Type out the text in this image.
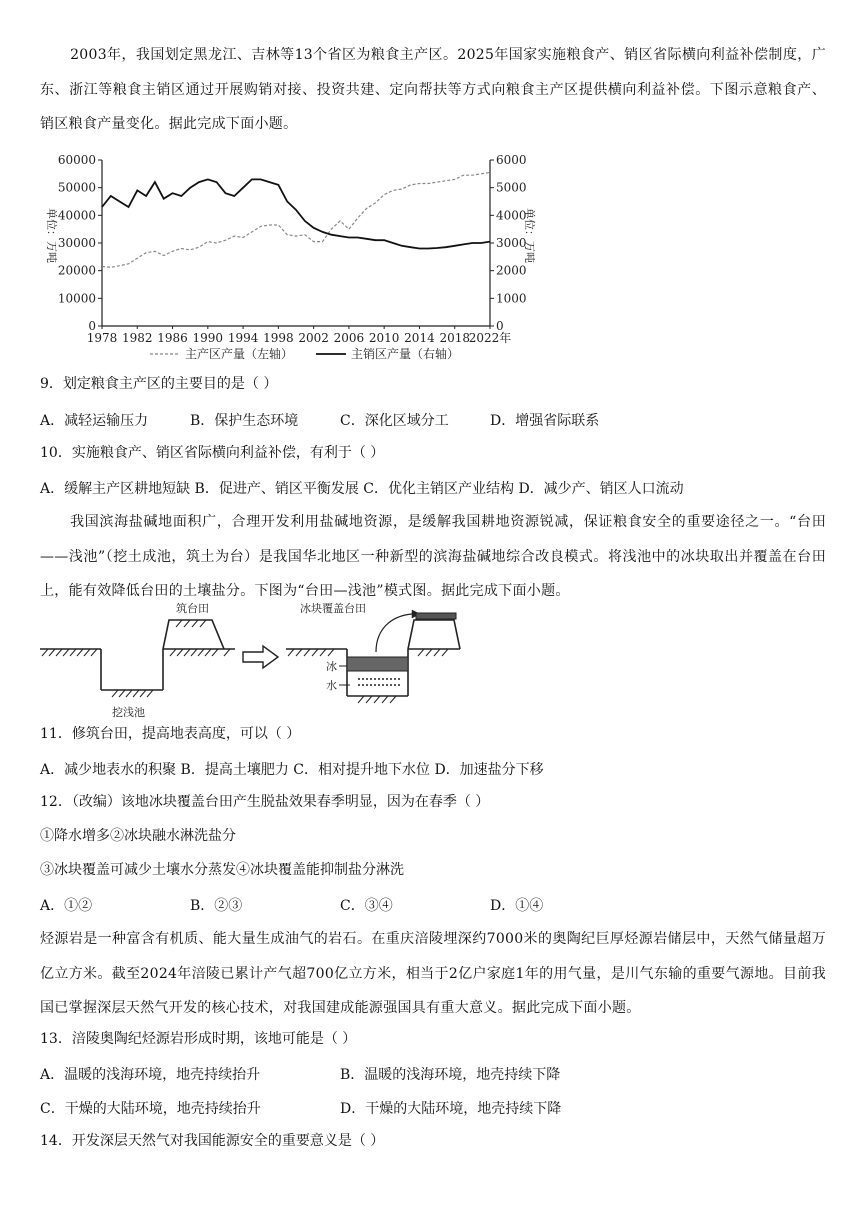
2003年，我国划定黑龙江、吉林等13个省区为粮食主产区。2025年国家实施粮食产、销区省际横向利益补偿制度，广东、浙江等粮食主销区通过开展购销对接、投资共建、定向帮扶等方式向粮食主产区提供横向利益补偿。下图示意粮食产、销区粮食产量变化。据此完成下面小题。
60000
50000
40000
30000
20000
10000
0
6000
5000
4000
3000
2000
1000
0
1978 1982 1986 1990 1994 1998 2002 2006 2010 2014 2018
2022年
单位：万吨	单位：万吨
主产区产量（左轴）	主销区产量（右轴）
9．划定粮食主产区的主要目的是（ ）
A．减轻运输压力	B．保护生态环境	C．深化区域分工	D．增强省际联系
10．实施粮食产、销区省际横向利益补偿，有利于（ ）
A．缓解主产区耕地短缺 B．促进产、销区平衡发展 C．优化主销区产业结构 D．减少产、销区人口流动
我国滨海盐碱地面积广，合理开发利用盐碱地资源，是缓解我国耕地资源锐减，保证粮食安全的重要途径之一。“台田——浅池”（挖土成池，筑土为台）是我国华北地区一种新型的滨海盐碱地综合改良模式。将浅池中的冰块取出并覆盖在台田上，能有效降低台田的土壤盐分。下图为“台田—浅池”模式图。据此完成下面小题。
筑台田
挖浅池
冰块覆盖台田
冰
水
11．修筑台田，提高地表高度，可以（ ）
A．减少地表水的积聚 B．提高土壤肥力 C．相对提升地下水位 D．加速盐分下移
12．（改编）该地冰块覆盖台田产生脱盐效果春季明显，因为在春季（ ）
①降水增多②冰块融水淋洗盐分
③冰块覆盖可减少土壤水分蒸发④冰块覆盖能抑制盐分淋洗
A．①②	B．②③	C．③④	D．①④
烃源岩是一种富含有机质、能大量生成油气的岩石。在重庆涪陵埋深约7000米的奥陶纪巨厚烃源岩储层中，天然气储量超万亿立方米。截至2024年涪陵已累计产气超700亿立方米，相当于2亿户家庭1年的用气量，是川气东输的重要气源地。目前我国已掌握深层天然气开发的核心技术，对我国建成能源强国具有重大意义。据此完成下面小题。
13．涪陵奥陶纪烃源岩形成时期，该地可能是（ ）
A．温暖的浅海环境，地壳持续抬升	B．温暖的浅海环境，地壳持续下降
C．干燥的大陆环境，地壳持续抬升	D．干燥的大陆环境，地壳持续下降
14．开发深层天然气对我国能源安全的重要意义是（ ）
